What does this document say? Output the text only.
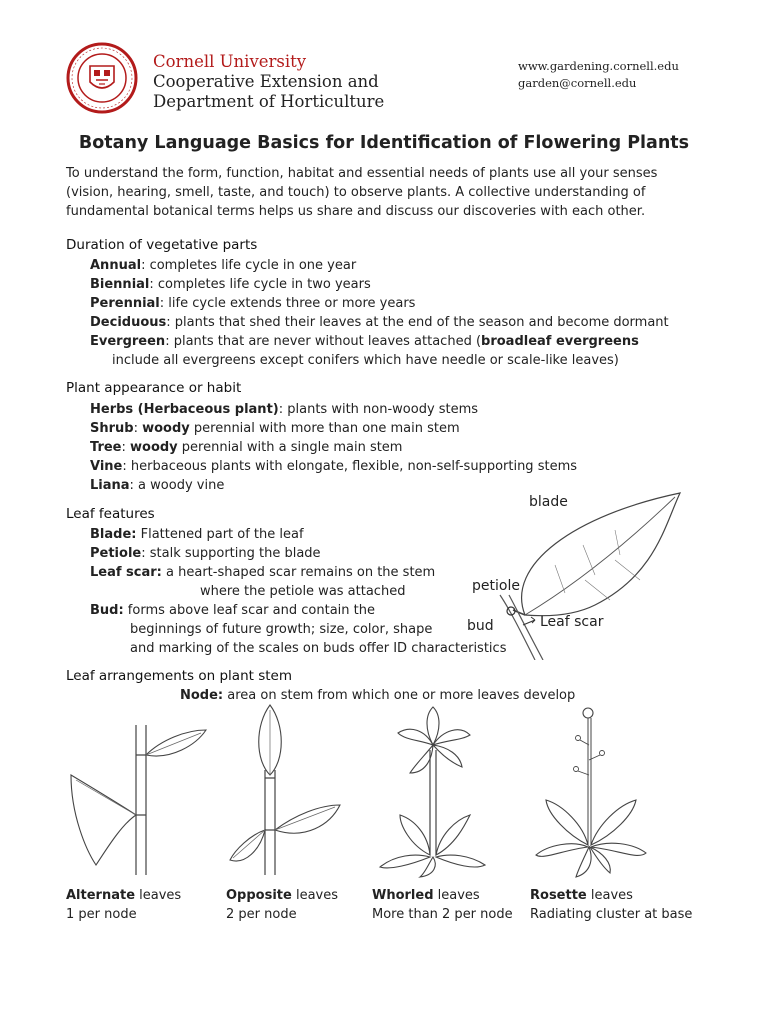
Cornell University
Cooperative Extension and
Department of Horticulture
www.gardening.cornell.edu
garden@cornell.edu
Botany Language Basics for Identification of Flowering Plants
To understand the form, function, habitat and essential needs of plants use all your senses (vision, hearing, smell, taste, and touch) to observe plants. A collective understanding of fundamental botanical terms helps us share and discuss our discoveries with each other.
Duration of vegetative parts
Annual: completes life cycle in one year
Biennial: completes life cycle in two years
Perennial: life cycle extends three or more years
Deciduous: plants that shed their leaves at the end of the season and become dormant
Evergreen: plants that are never without leaves attached (broadleaf evergreens
include all evergreens except conifers which have needle or scale-like leaves)
Plant appearance or habit
Herbs (Herbaceous plant): plants with non-woody stems
Shrub: woody perennial with more than one main stem
Tree: woody perennial with a single main stem
Vine: herbaceous plants with elongate, flexible, non-self-supporting stems
Liana: a woody vine
Leaf features
Blade: Flattened part of the leaf
Petiole: stalk supporting the blade
Leaf scar: a heart-shaped scar remains on the stem
where the petiole was attached
Bud: forms above leaf scar and contain the
beginnings of future growth; size, color, shape
and marking of the scales on buds offer ID characteristics
blade
petiole
bud	Leaf scar
Leaf arrangements on plant stem
Node: area on stem from which one or more leaves develop
Alternate leaves
1 per node
Opposite leaves
2 per node
Whorled leaves
More than 2 per node
Rosette leaves
Radiating cluster at base
